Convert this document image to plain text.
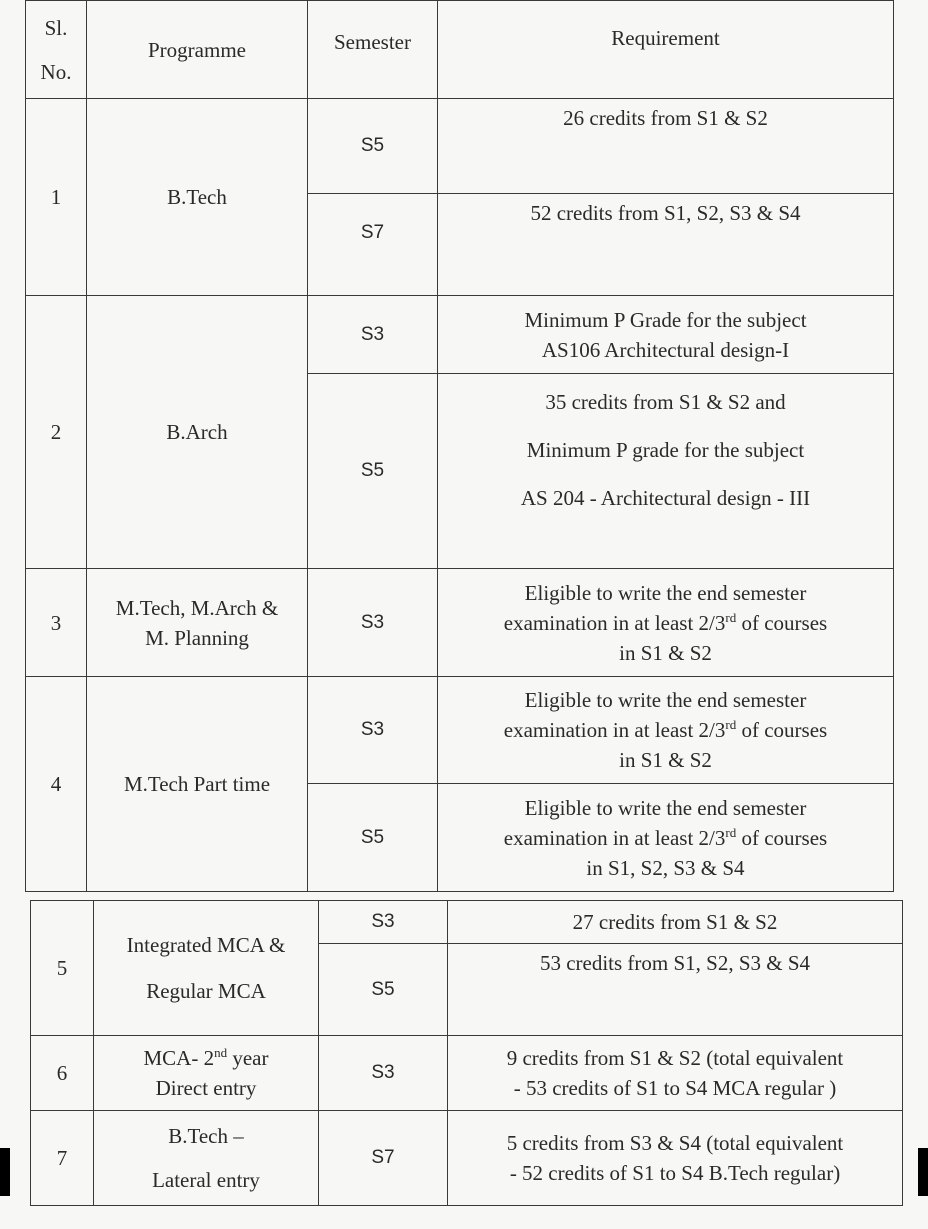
Sl.
No.	Programme	Semester	Requirement
1	B.Tech	S5	26 credits from S1 & S2
		S7	52 credits from S1, S2, S3 & S4
2	B.Arch	S3	Minimum P Grade for the subject
AS106 Architectural design-I
		S5	35 credits from S1 & S2 and
Minimum P grade for the subject
AS 204 - Architectural design - III
3	M.Tech, M.Arch &
M. Planning	S3	Eligible to write the end semester
examination in at least 2/3rd of courses
in S1 & S2
4	M.Tech Part time	S3	Eligible to write the end semester
examination in at least 2/3rd of courses
in S1 & S2
		S5	Eligible to write the end semester
examination in at least 2/3rd of courses
in S1, S2, S3 & S4
5	Integrated MCA &
Regular MCA	S3	27 credits from S1 & S2
		S5	53 credits from S1, S2, S3 & S4
6	MCA- 2nd year
Direct entry	S3	9 credits from S1 & S2 (total equivalent
- 53 credits of S1 to S4 MCA regular )
7	B.Tech –
Lateral entry	S7	5 credits from S3 & S4 (total equivalent
- 52 credits of S1 to S4 B.Tech regular)
